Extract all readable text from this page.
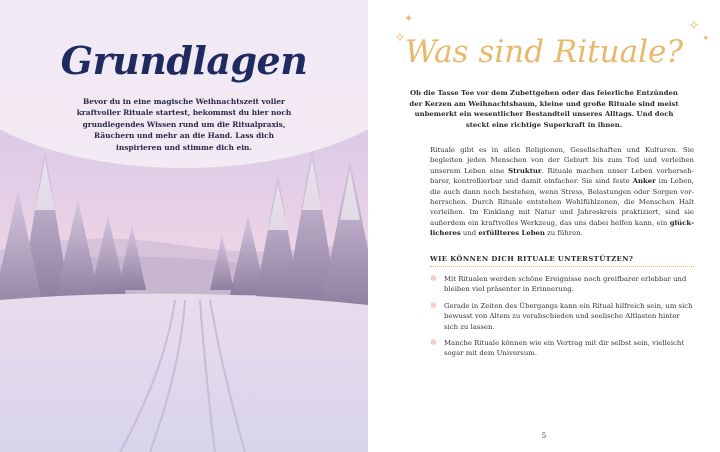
Grundlagen
Bevor du in eine magische Weihnachtszeit voller kraftvoller Rituale startest, bekommst du hier noch grundlegendes Wissen rund um die Ritualpraxis, Räuchern und mehr an die Hand. Lass dich inspirieren und stimme dich ein.
✦
✧
✧
✦
Was sind Rituale?
Ob die Tasse Tee vor dem Zubettgehen oder das feierliche Entzünden der Kerzen am Weihnachtsbaum, kleine und große Rituale sind meist unbemerkt ein wesentlicher Bestandteil unseres Alltags. Und doch steckt eine richtige Superkraft in ihnen.
Rituale gibt es in allen Religionen, Gesellschaften und Kulturen. Sie begleiten jeden Menschen von der Geburt bis zum Tod und verleihen unserem Leben eine Struktur. Rituale machen unser Leben vorhersehbarer, kontrollierbar und damit einfacher. Sie sind feste Anker im Leben, die auch dann noch bestehen, wenn Stress, Belastungen oder Sorgen vorherrschen. Durch Rituale entstehen Wohlfühlzonen, die Menschen Halt verleihen. Im Einklang mit Natur und Jahreskreis praktiziert, sind sie außerdem ein kraftvolles Werkzeug, das uns dabei helfen kann, ein glücklicheres und erfüllteres Leben zu führen.
WIE KÖNNEN DICH RITUALE UNTERSTÜTZEN?
✲ Mit Ritualen werden schöne Ereignisse noch greifbarer erlebbar und bleiben viel präsenter in Erinnerung.
✲ Gerade in Zeiten des Übergangs kann ein Ritual hilfreich sein, um sich bewusst von Altem zu verabschieden und seelische Altlasten hinter sich zu lassen.
✲ Manche Rituale können wie ein Vertrag mit dir selbst sein, vielleicht sogar mit dem Universum.
5
